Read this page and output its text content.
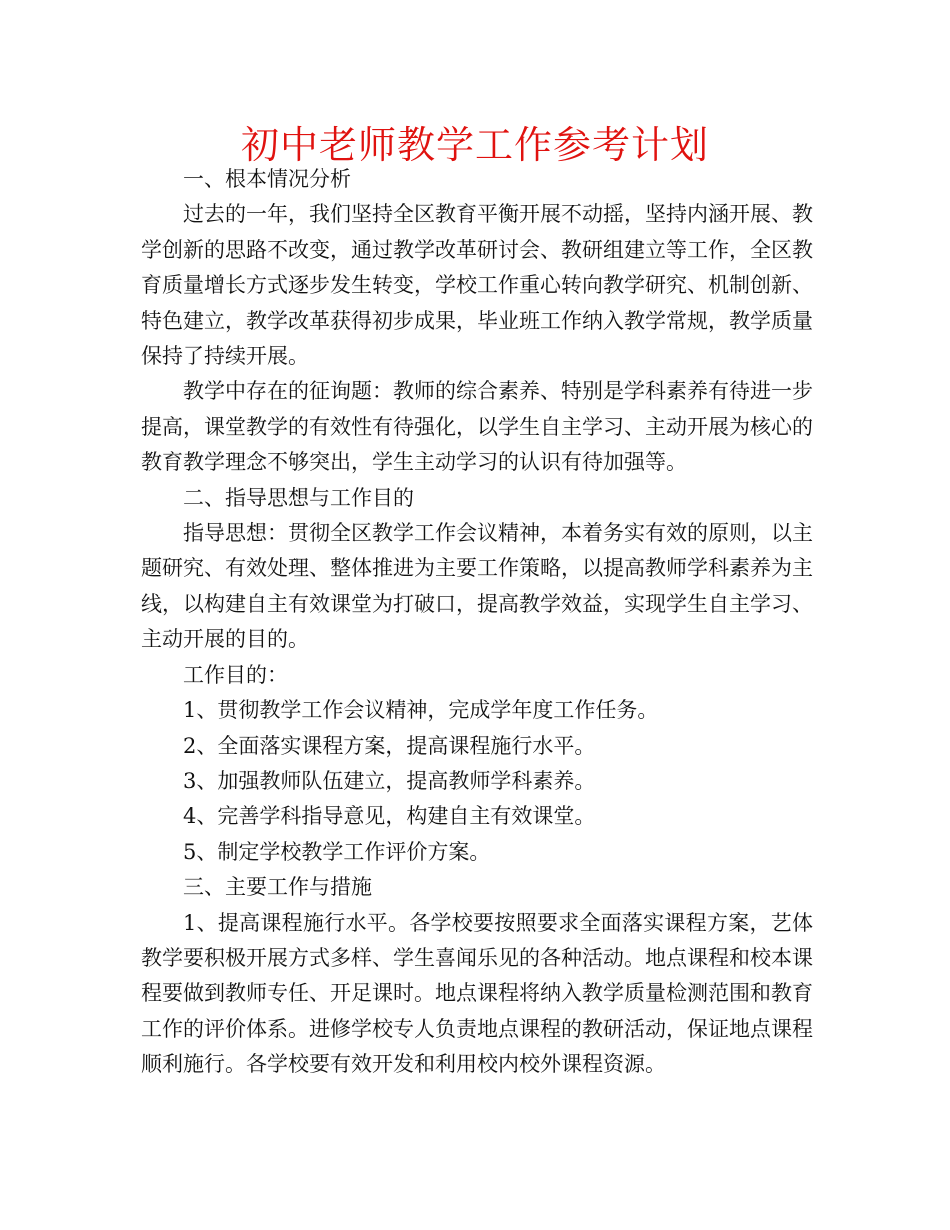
初中老师教学工作参考计划

一、根本情况分析

过去的一年，我们坚持全区教育平衡开展不动摇，坚持内涵开展、教学创新的思路不改变，通过教学改革研讨会、教研组建立等工作，全区教育质量增长方式逐步发生转变，学校工作重心转向教学研究、机制创新、特色建立，教学改革获得初步成果，毕业班工作纳入教学常规，教学质量保持了持续开展。

教学中存在的征询题：教师的综合素养、特别是学科素养有待进一步提高，课堂教学的有效性有待强化，以学生自主学习、主动开展为核心的教育教学理念不够突出，学生主动学习的认识有待加强等。

二、指导思想与工作目的

指导思想：贯彻全区教学工作会议精神，本着务实有效的原则，以主题研究、有效处理、整体推进为主要工作策略，以提高教师学科素养为主线，以构建自主有效课堂为打破口，提高教学效益，实现学生自主学习、主动开展的目的。

工作目的：

1、贯彻教学工作会议精神，完成学年度工作任务。

2、全面落实课程方案，提高课程施行水平。

3、加强教师队伍建立，提高教师学科素养。

4、完善学科指导意见，构建自主有效课堂。

5、制定学校教学工作评价方案。

三、主要工作与措施

1、提高课程施行水平。各学校要按照要求全面落实课程方案，艺体教学要积极开展方式多样、学生喜闻乐见的各种活动。地点课程和校本课程要做到教师专任、开足课时。地点课程将纳入教学质量检测范围和教育工作的评价体系。进修学校专人负责地点课程的教研活动，保证地点课程顺利施行。各学校要有效开发和利用校内校外课程资源。
